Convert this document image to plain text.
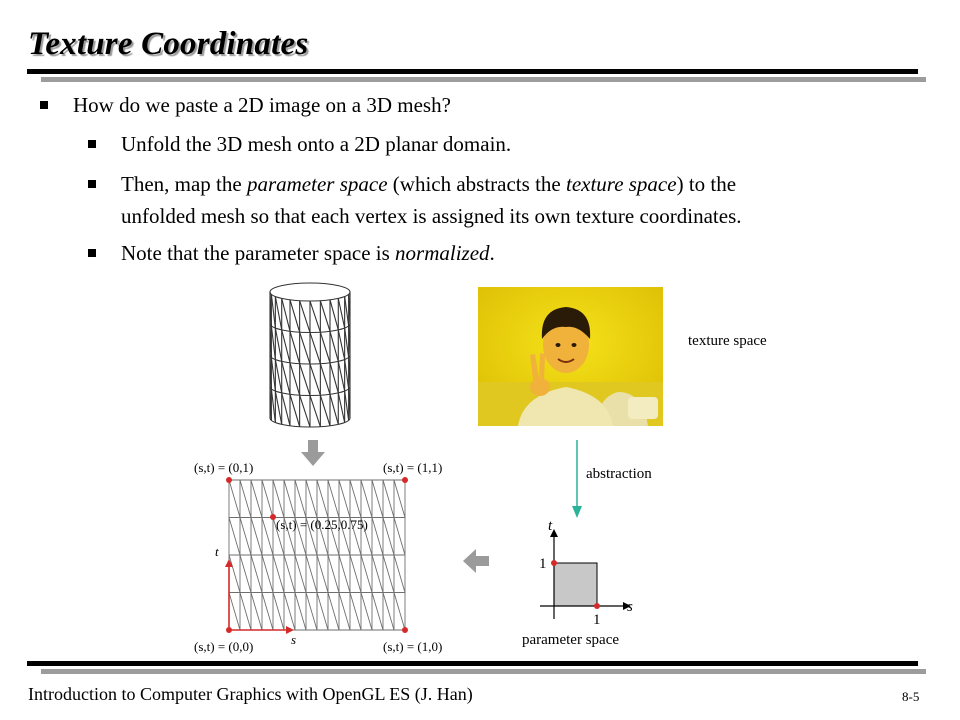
Texture Coordinates
How do we paste a 2D image on a 3D mesh?
Unfold the 3D mesh onto a 2D planar domain.
Then, map the parameter space (which abstracts the texture space) to the
unfolded mesh so that each vertex is assigned its own texture coordinates.
Note that the parameter space is normalized.
texture space
abstraction
(s,t) = (0,1)	(s,t) = (1,1)
(s,t) = (0.25,0.75)
(s,t) = (0,0)	(s,t) = (1,0)
t
s
t
s
1
1
parameter space
Introduction to Computer Graphics with OpenGL ES (J. Han)	8-5
